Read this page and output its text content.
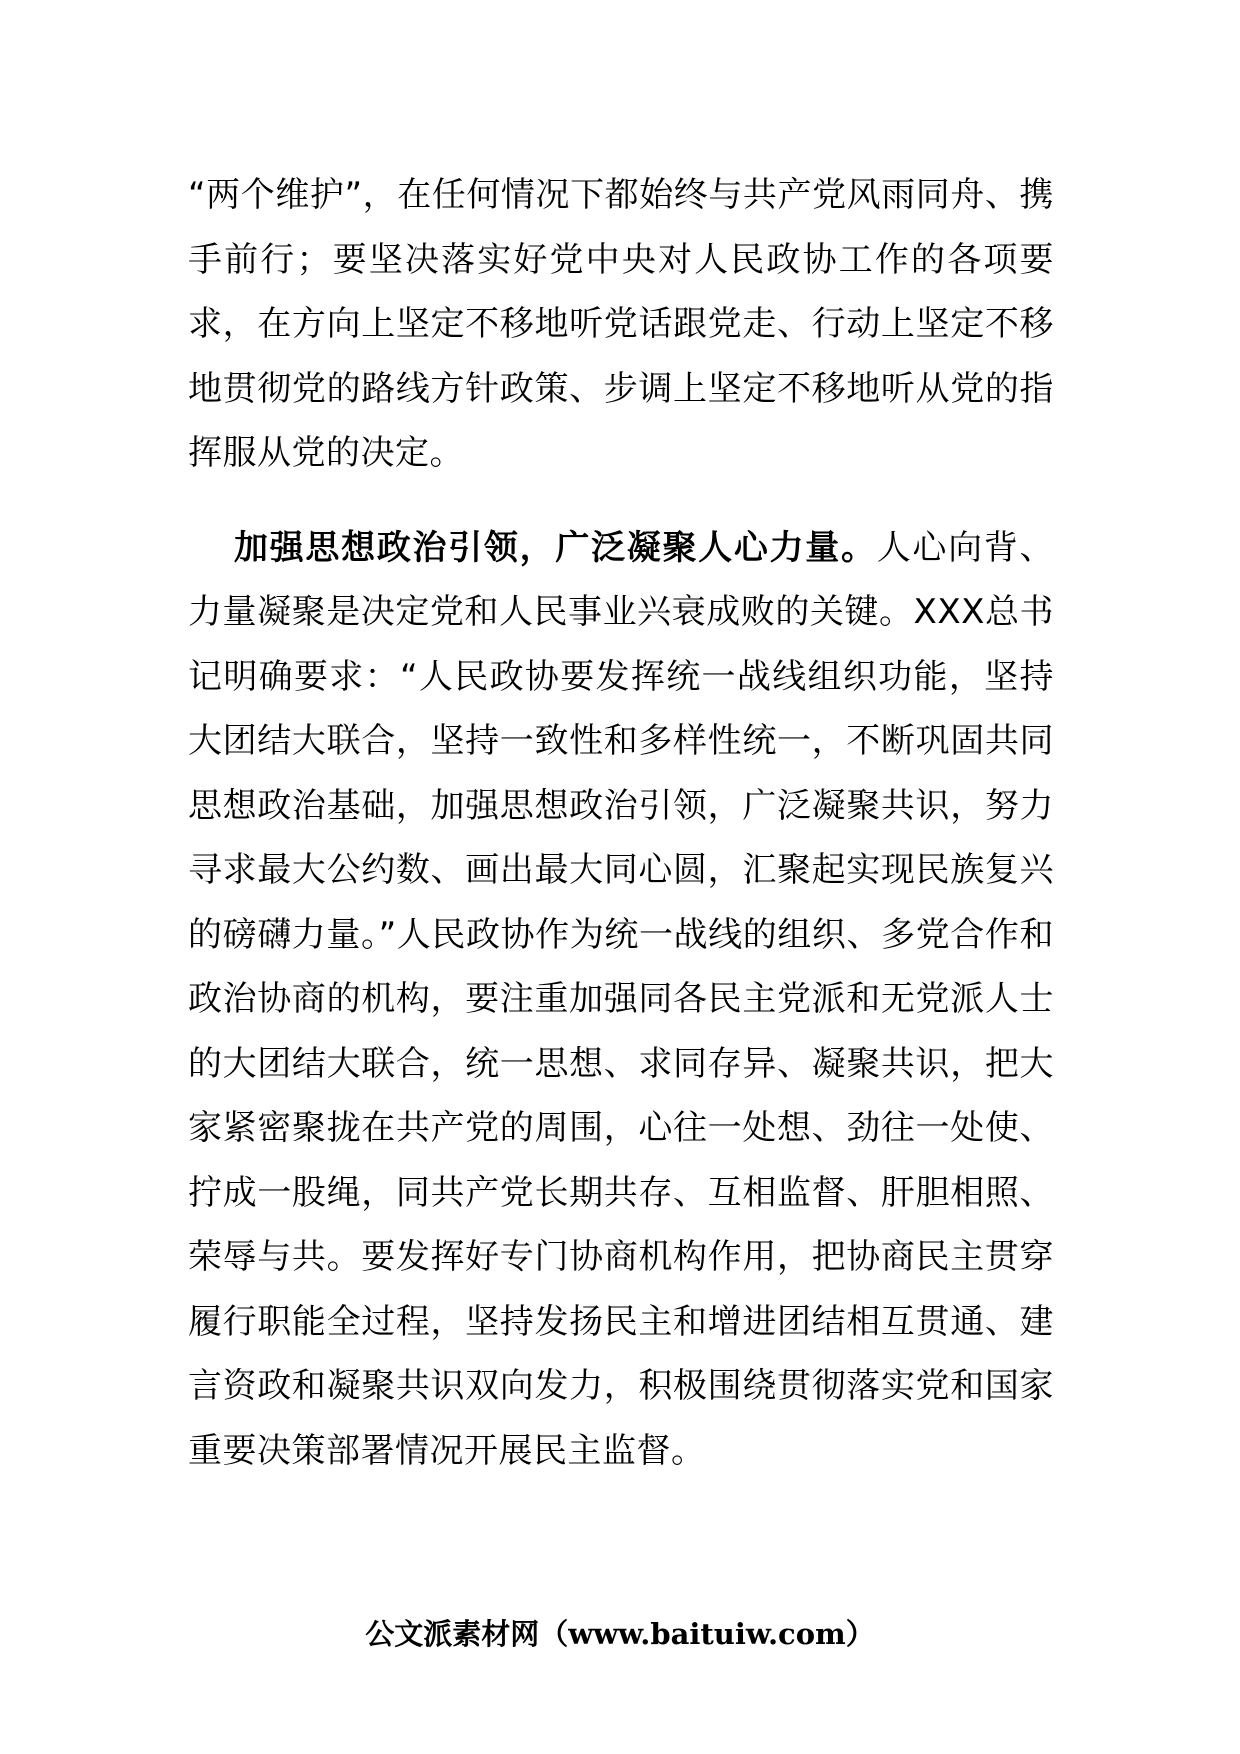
“两个维护”，在任何情况下都始终与共产党风雨同舟、携手前行；要坚决落实好党中央对人民政协工作的各项要求，在方向上坚定不移地听党话跟党走、行动上坚定不移地贯彻党的路线方针政策、步调上坚定不移地听从党的指挥服从党的决定。

加强思想政治引领，广泛凝聚人心力量。人心向背、力量凝聚是决定党和人民事业兴衰成败的关键。XXX总书记明确要求：“人民政协要发挥统一战线组织功能，坚持大团结大联合，坚持一致性和多样性统一，不断巩固共同思想政治基础，加强思想政治引领，广泛凝聚共识，努力寻求最大公约数、画出最大同心圆，汇聚起实现民族复兴的磅礴力量。”人民政协作为统一战线的组织、多党合作和政治协商的机构，要注重加强同各民主党派和无党派人士的大团结大联合，统一思想、求同存异、凝聚共识，把大家紧密聚拢在共产党的周围，心往一处想、劲往一处使、拧成一股绳，同共产党长期共存、互相监督、肝胆相照、荣辱与共。要发挥好专门协商机构作用，把协商民主贯穿履行职能全过程，坚持发扬民主和增进团结相互贯通、建言资政和凝聚共识双向发力，积极围绕贯彻落实党和国家重要决策部署情况开展民主监督。

公文派素材网（www.baituiw.com）
